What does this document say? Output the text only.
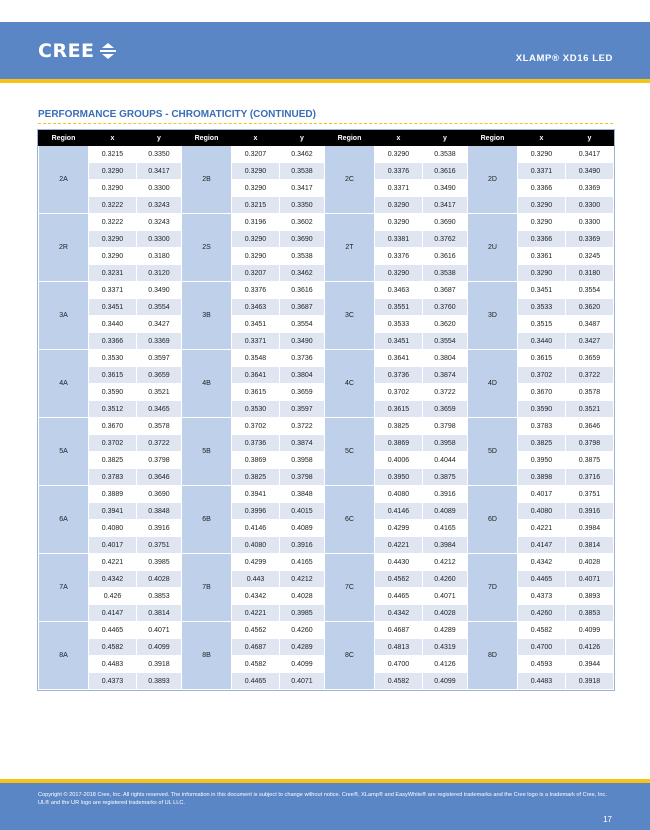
CREE	XLAMP® XD16 LED
PERFORMANCE GROUPS - CHROMATICITY (CONTINUED)
Region	x	y	Region	x	y	Region	x	y	Region	x	y
2A	0.3215	0.3350	2B	0.3207	0.3462	2C	0.3290	0.3538	2D	0.3290	0.3417
	0.3290	0.3417		0.3290	0.3538		0.3376	0.3616		0.3371	0.3490
	0.3290	0.3300		0.3290	0.3417		0.3371	0.3490		0.3366	0.3369
	0.3222	0.3243		0.3215	0.3350		0.3290	0.3417		0.3290	0.3300
2R	0.3222	0.3243	2S	0.3196	0.3602	2T	0.3290	0.3690	2U	0.3290	0.3300
	0.3290	0.3300		0.3290	0.3690		0.3381	0.3762		0.3366	0.3369
	0.3290	0.3180		0.3290	0.3538		0.3376	0.3616		0.3361	0.3245
	0.3231	0.3120		0.3207	0.3462		0.3290	0.3538		0.3290	0.3180
3A	0.3371	0.3490	3B	0.3376	0.3616	3C	0.3463	0.3687	3D	0.3451	0.3554
	0.3451	0.3554		0.3463	0.3687		0.3551	0.3760		0.3533	0.3620
	0.3440	0.3427		0.3451	0.3554		0.3533	0.3620		0.3515	0.3487
	0.3366	0.3369		0.3371	0.3490		0.3451	0.3554		0.3440	0.3427
4A	0.3530	0.3597	4B	0.3548	0.3736	4C	0.3641	0.3804	4D	0.3615	0.3659
	0.3615	0.3659		0.3641	0.3804		0.3736	0.3874		0.3702	0.3722
	0.3590	0.3521		0.3615	0.3659		0.3702	0.3722		0.3670	0.3578
	0.3512	0.3465		0.3530	0.3597		0.3615	0.3659		0.3590	0.3521
5A	0.3670	0.3578	5B	0.3702	0.3722	5C	0.3825	0.3798	5D	0.3783	0.3646
	0.3702	0.3722		0.3736	0.3874		0.3869	0.3958		0.3825	0.3798
	0.3825	0.3798		0.3869	0.3958		0.4006	0.4044		0.3950	0.3875
	0.3783	0.3646		0.3825	0.3798		0.3950	0.3875		0.3898	0.3716
6A	0.3889	0.3690	6B	0.3941	0.3848	6C	0.4080	0.3916	6D	0.4017	0.3751
	0.3941	0.3848		0.3996	0.4015		0.4146	0.4089		0.4080	0.3916
	0.4080	0.3916		0.4146	0.4089		0.4299	0.4165		0.4221	0.3984
	0.4017	0.3751		0.4080	0.3916		0.4221	0.3984		0.4147	0.3814
7A	0.4221	0.3985	7B	0.4299	0.4165	7C	0.4430	0.4212	7D	0.4342	0.4028
	0.4342	0.4028		0.443	0.4212		0.4562	0.4260		0.4465	0.4071
	0.426	0.3853		0.4342	0.4028		0.4465	0.4071		0.4373	0.3893
	0.4147	0.3814		0.4221	0.3985		0.4342	0.4028		0.4260	0.3853
8A	0.4465	0.4071	8B	0.4562	0.4260	8C	0.4687	0.4289	8D	0.4582	0.4099
	0.4582	0.4099		0.4687	0.4289		0.4813	0.4319		0.4700	0.4126
	0.4483	0.3918		0.4582	0.4099		0.4700	0.4126		0.4593	0.3944
	0.4373	0.3893		0.4465	0.4071		0.4582	0.4099		0.4483	0.3918
Copyright © 2017-2018 Cree, Inc. All rights reserved. The information in this document is subject to change without notice. Cree®, XLamp® and EasyWhite® are registered trademarks and the Cree logo is a trademark of Cree, Inc. UL® and the UR logo are registered trademarks of UL LLC.
17
